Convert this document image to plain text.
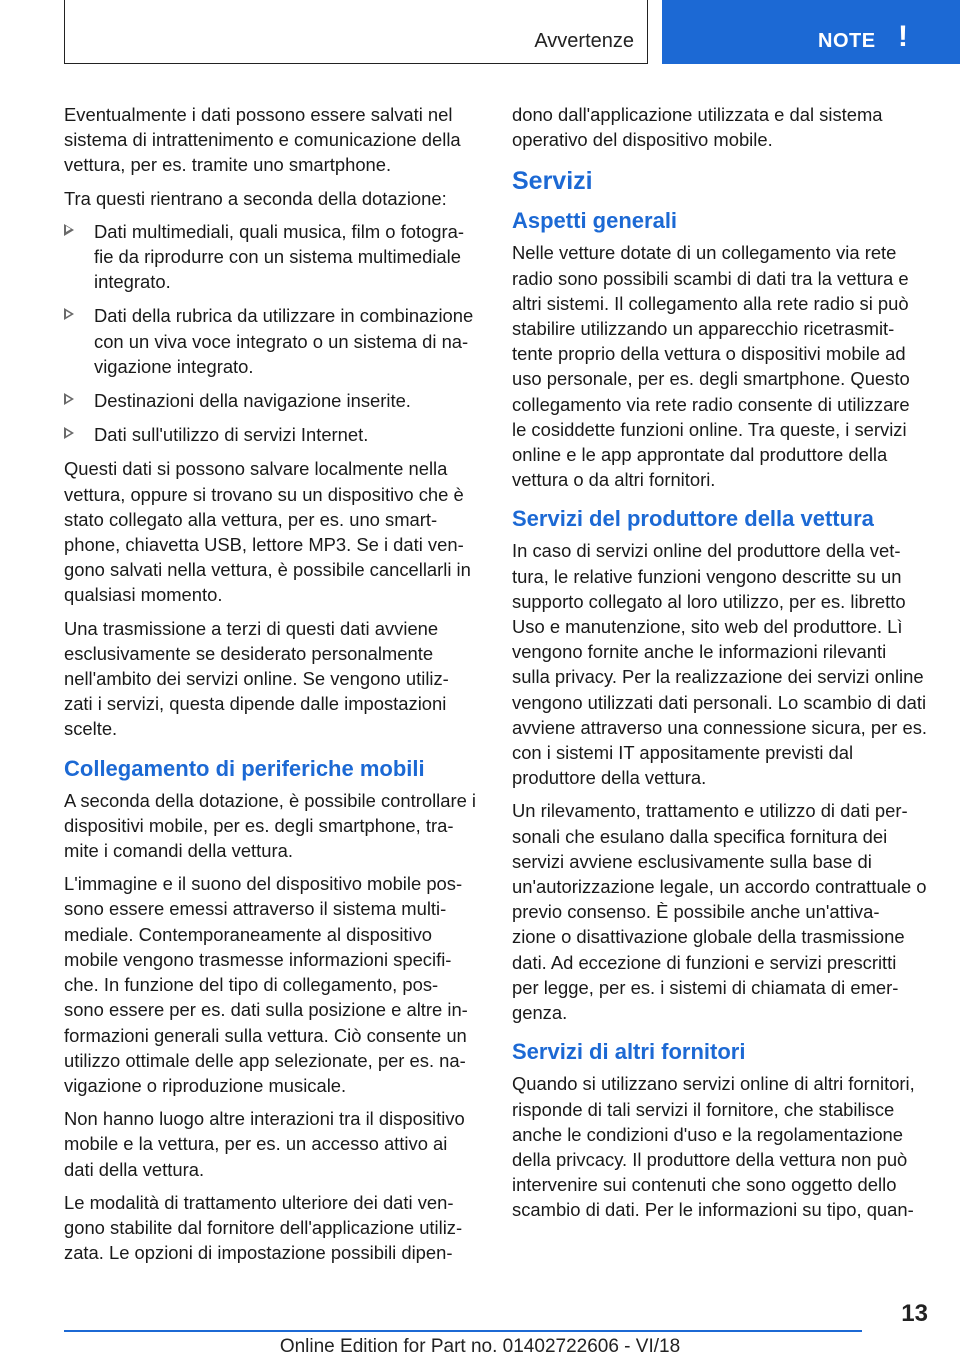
Avvertenze	NOTE !

Eventualmente i dati possono essere salvati nel sistema di intrattenimento e comunicazione della vettura, per es. tramite uno smartphone.

Tra questi rientrano a seconda della dotazione:

Dati multimediali, quali musica, film o fotogra‐ fie da riprodurre con un sistema multimediale integrato.
Dati della rubrica da utilizzare in combinazione con un viva voce integrato o un sistema di na‐ vigazione integrato.
Destinazioni della navigazione inserite.
Dati sull'utilizzo di servizi Internet.

Questi dati si possono salvare localmente nella vettura, oppure si trovano su un dispositivo che è stato collegato alla vettura, per es. uno smart‐ phone, chiavetta USB, lettore MP3. Se i dati ven‐ gono salvati nella vettura, è possibile cancellarli in qualsiasi momento.

Una trasmissione a terzi di questi dati avviene esclusivamente se desiderato personalmente nell'ambito dei servizi online. Se vengono utiliz‐ zati i servizi, questa dipende dalle impostazioni scelte.

Collegamento di periferiche mobili

A seconda della dotazione, è possibile controllare i dispositivi mobile, per es. degli smartphone, tra‐ mite i comandi della vettura.

L'immagine e il suono del dispositivo mobile pos‐ sono essere emessi attraverso il sistema multi‐ mediale. Contemporaneamente al dispositivo mobile vengono trasmesse informazioni specifi‐ che. In funzione del tipo di collegamento, pos‐ sono essere per es. dati sulla posizione e altre in‐ formazioni generali sulla vettura. Ciò consente un utilizzo ottimale delle app selezionate, per es. na‐ vigazione o riproduzione musicale.

Non hanno luogo altre interazioni tra il dispositivo mobile e la vettura, per es. un accesso attivo ai dati della vettura.

Le modalità di trattamento ulteriore dei dati ven‐ gono stabilite dal fornitore dell'applicazione utiliz‐ zata. Le opzioni di impostazione possibili dipen‐

dono dall'applicazione utilizzata e dal sistema operativo del dispositivo mobile.

Servizi
Aspetti generali

Nelle vetture dotate di un collegamento via rete radio sono possibili scambi di dati tra la vettura e altri sistemi. Il collegamento alla rete radio si può stabilire utilizzando un apparecchio ricetrasmit‐ tente proprio della vettura o dispositivi mobile ad uso personale, per es. degli smartphone. Questo collegamento via rete radio consente di utilizzare le cosiddette funzioni online. Tra queste, i servizi online e le app approntate dal produttore della vettura o da altri fornitori.

Servizi del produttore della vettura

In caso di servizi online del produttore della vet‐ tura, le relative funzioni vengono descritte su un supporto collegato al loro utilizzo, per es. libretto Uso e manutenzione, sito web del produttore. Lì vengono fornite anche le informazioni rilevanti sulla privacy. Per la realizzazione dei servizi online vengono utilizzati dati personali. Lo scambio di dati avviene attraverso una connessione sicura, per es. con i sistemi IT appositamente previsti dal produttore della vettura.

Un rilevamento, trattamento e utilizzo di dati per‐ sonali che esulano dalla specifica fornitura dei servizi avviene esclusivamente sulla base di un'autorizzazione legale, un accordo contrattuale o previo consenso. È possibile anche un'attiva‐ zione o disattivazione globale della trasmissione dati. Ad eccezione di funzioni e servizi prescritti per legge, per es. i sistemi di chiamata di emer‐ genza.

Servizi di altri fornitori

Quando si utilizzano servizi online di altri fornitori, risponde di tali servizi il fornitore, che stabilisce anche le condizioni d'uso e la regolamentazione della privcacy. Il produttore della vettura non può intervenire sui contenuti che sono oggetto dello scambio di dati. Per le informazioni su tipo, quan‐

13
Online Edition for Part no. 01402722606 - VI/18
